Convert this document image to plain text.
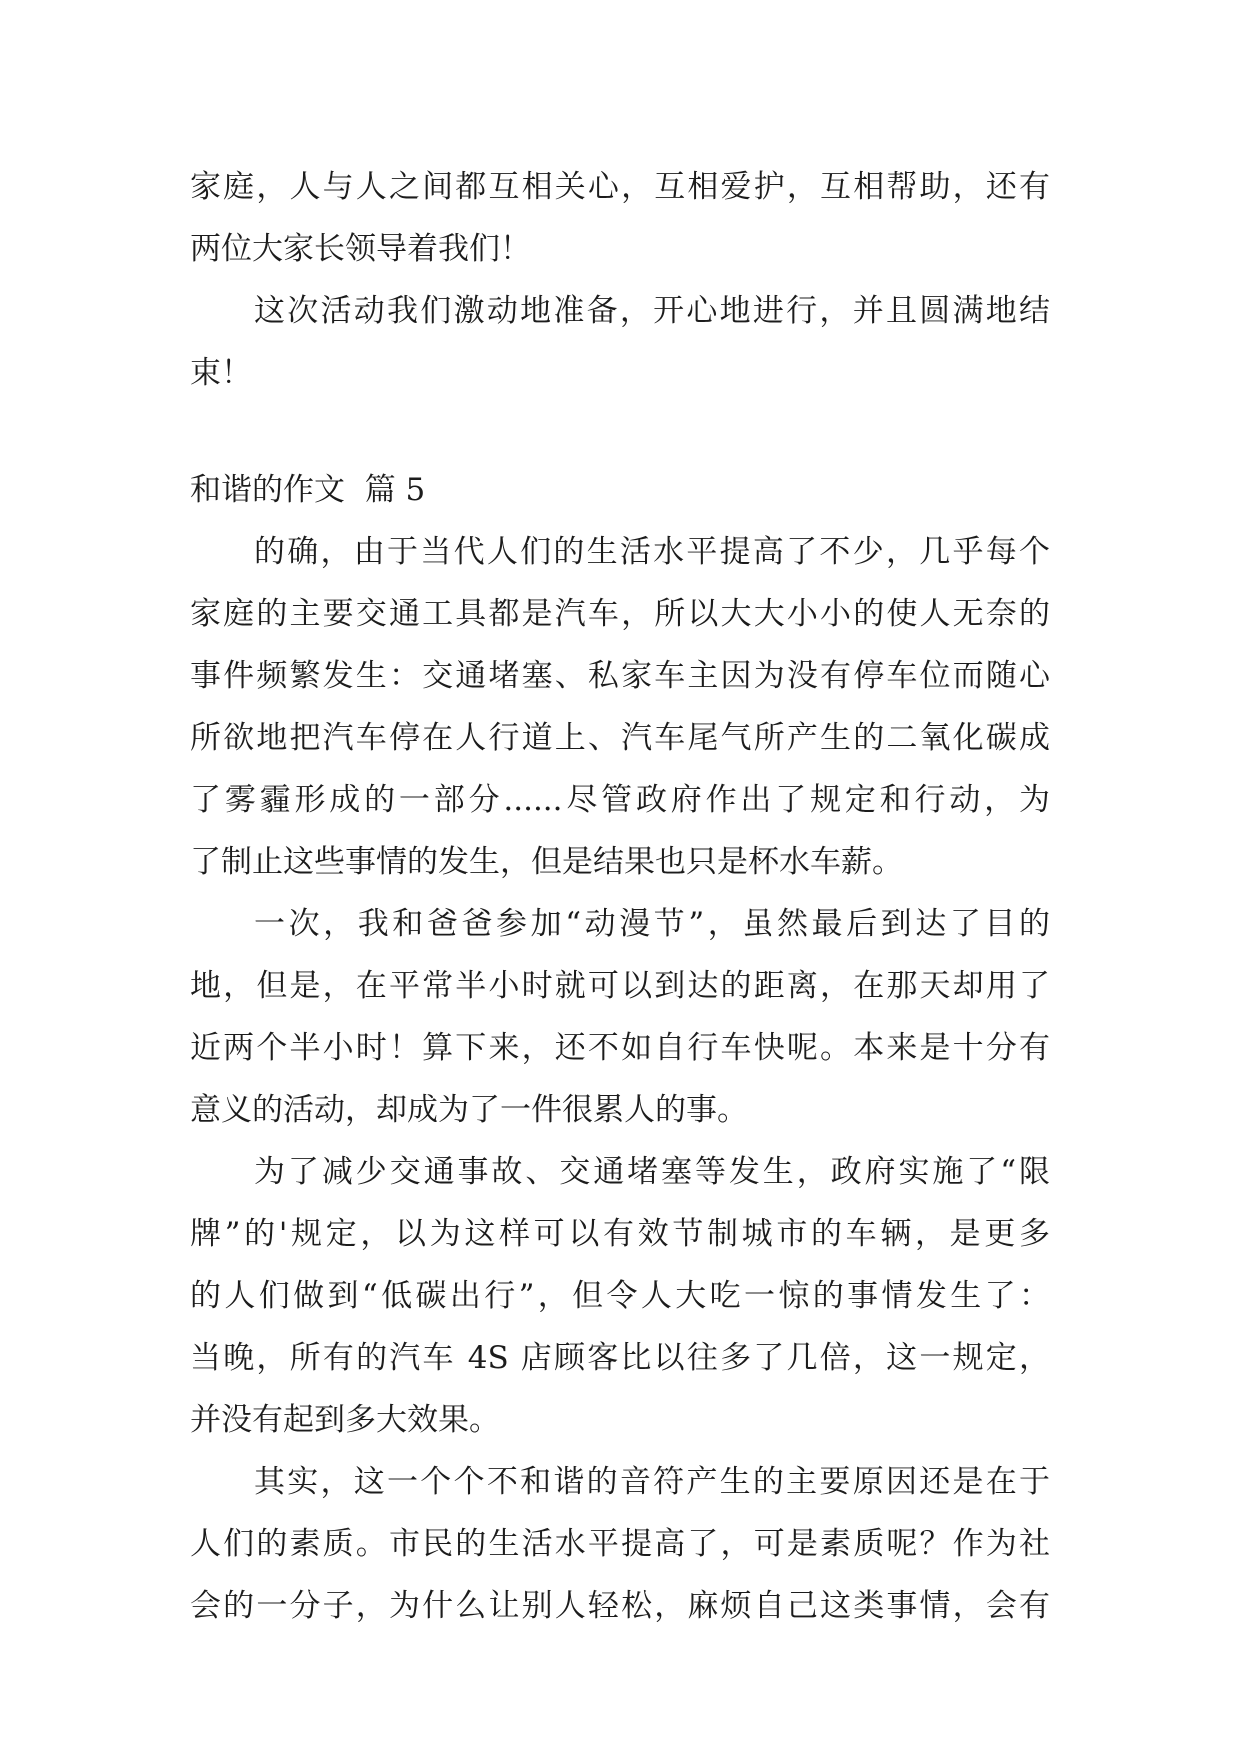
家庭，人与人之间都互相关心，互相爱护，互相帮助，还有
两位大家长领导着我们！
这次活动我们激动地准备，开心地进行，并且圆满地结
束！
和谐的作文  篇 5
的确，由于当代人们的生活水平提高了不少，几乎每个
家庭的主要交通工具都是汽车，所以大大小小的使人无奈的
事件频繁发生：交通堵塞、私家车主因为没有停车位而随心
所欲地把汽车停在人行道上、汽车尾气所产生的二氧化碳成
了雾霾形成的一部分......尽管政府作出了规定和行动，为
了制止这些事情的发生，但是结果也只是杯水车薪。
一次，我和爸爸参加“动漫节”，虽然最后到达了目的
地，但是，在平常半小时就可以到达的距离，在那天却用了
近两个半小时！算下来，还不如自行车快呢。本来是十分有
意义的活动，却成为了一件很累人的事。
为了减少交通事故、交通堵塞等发生，政府实施了“限
牌”的'规定，以为这样可以有效节制城市的车辆，是更多
的人们做到“低碳出行”，但令人大吃一惊的事情发生了：
当晚，所有的汽车 4S 店顾客比以往多了几倍，这一规定，
并没有起到多大效果。
其实，这一个个不和谐的音符产生的主要原因还是在于
人们的素质。市民的生活水平提高了，可是素质呢？作为社
会的一分子，为什么让别人轻松，麻烦自己这类事情，会有
